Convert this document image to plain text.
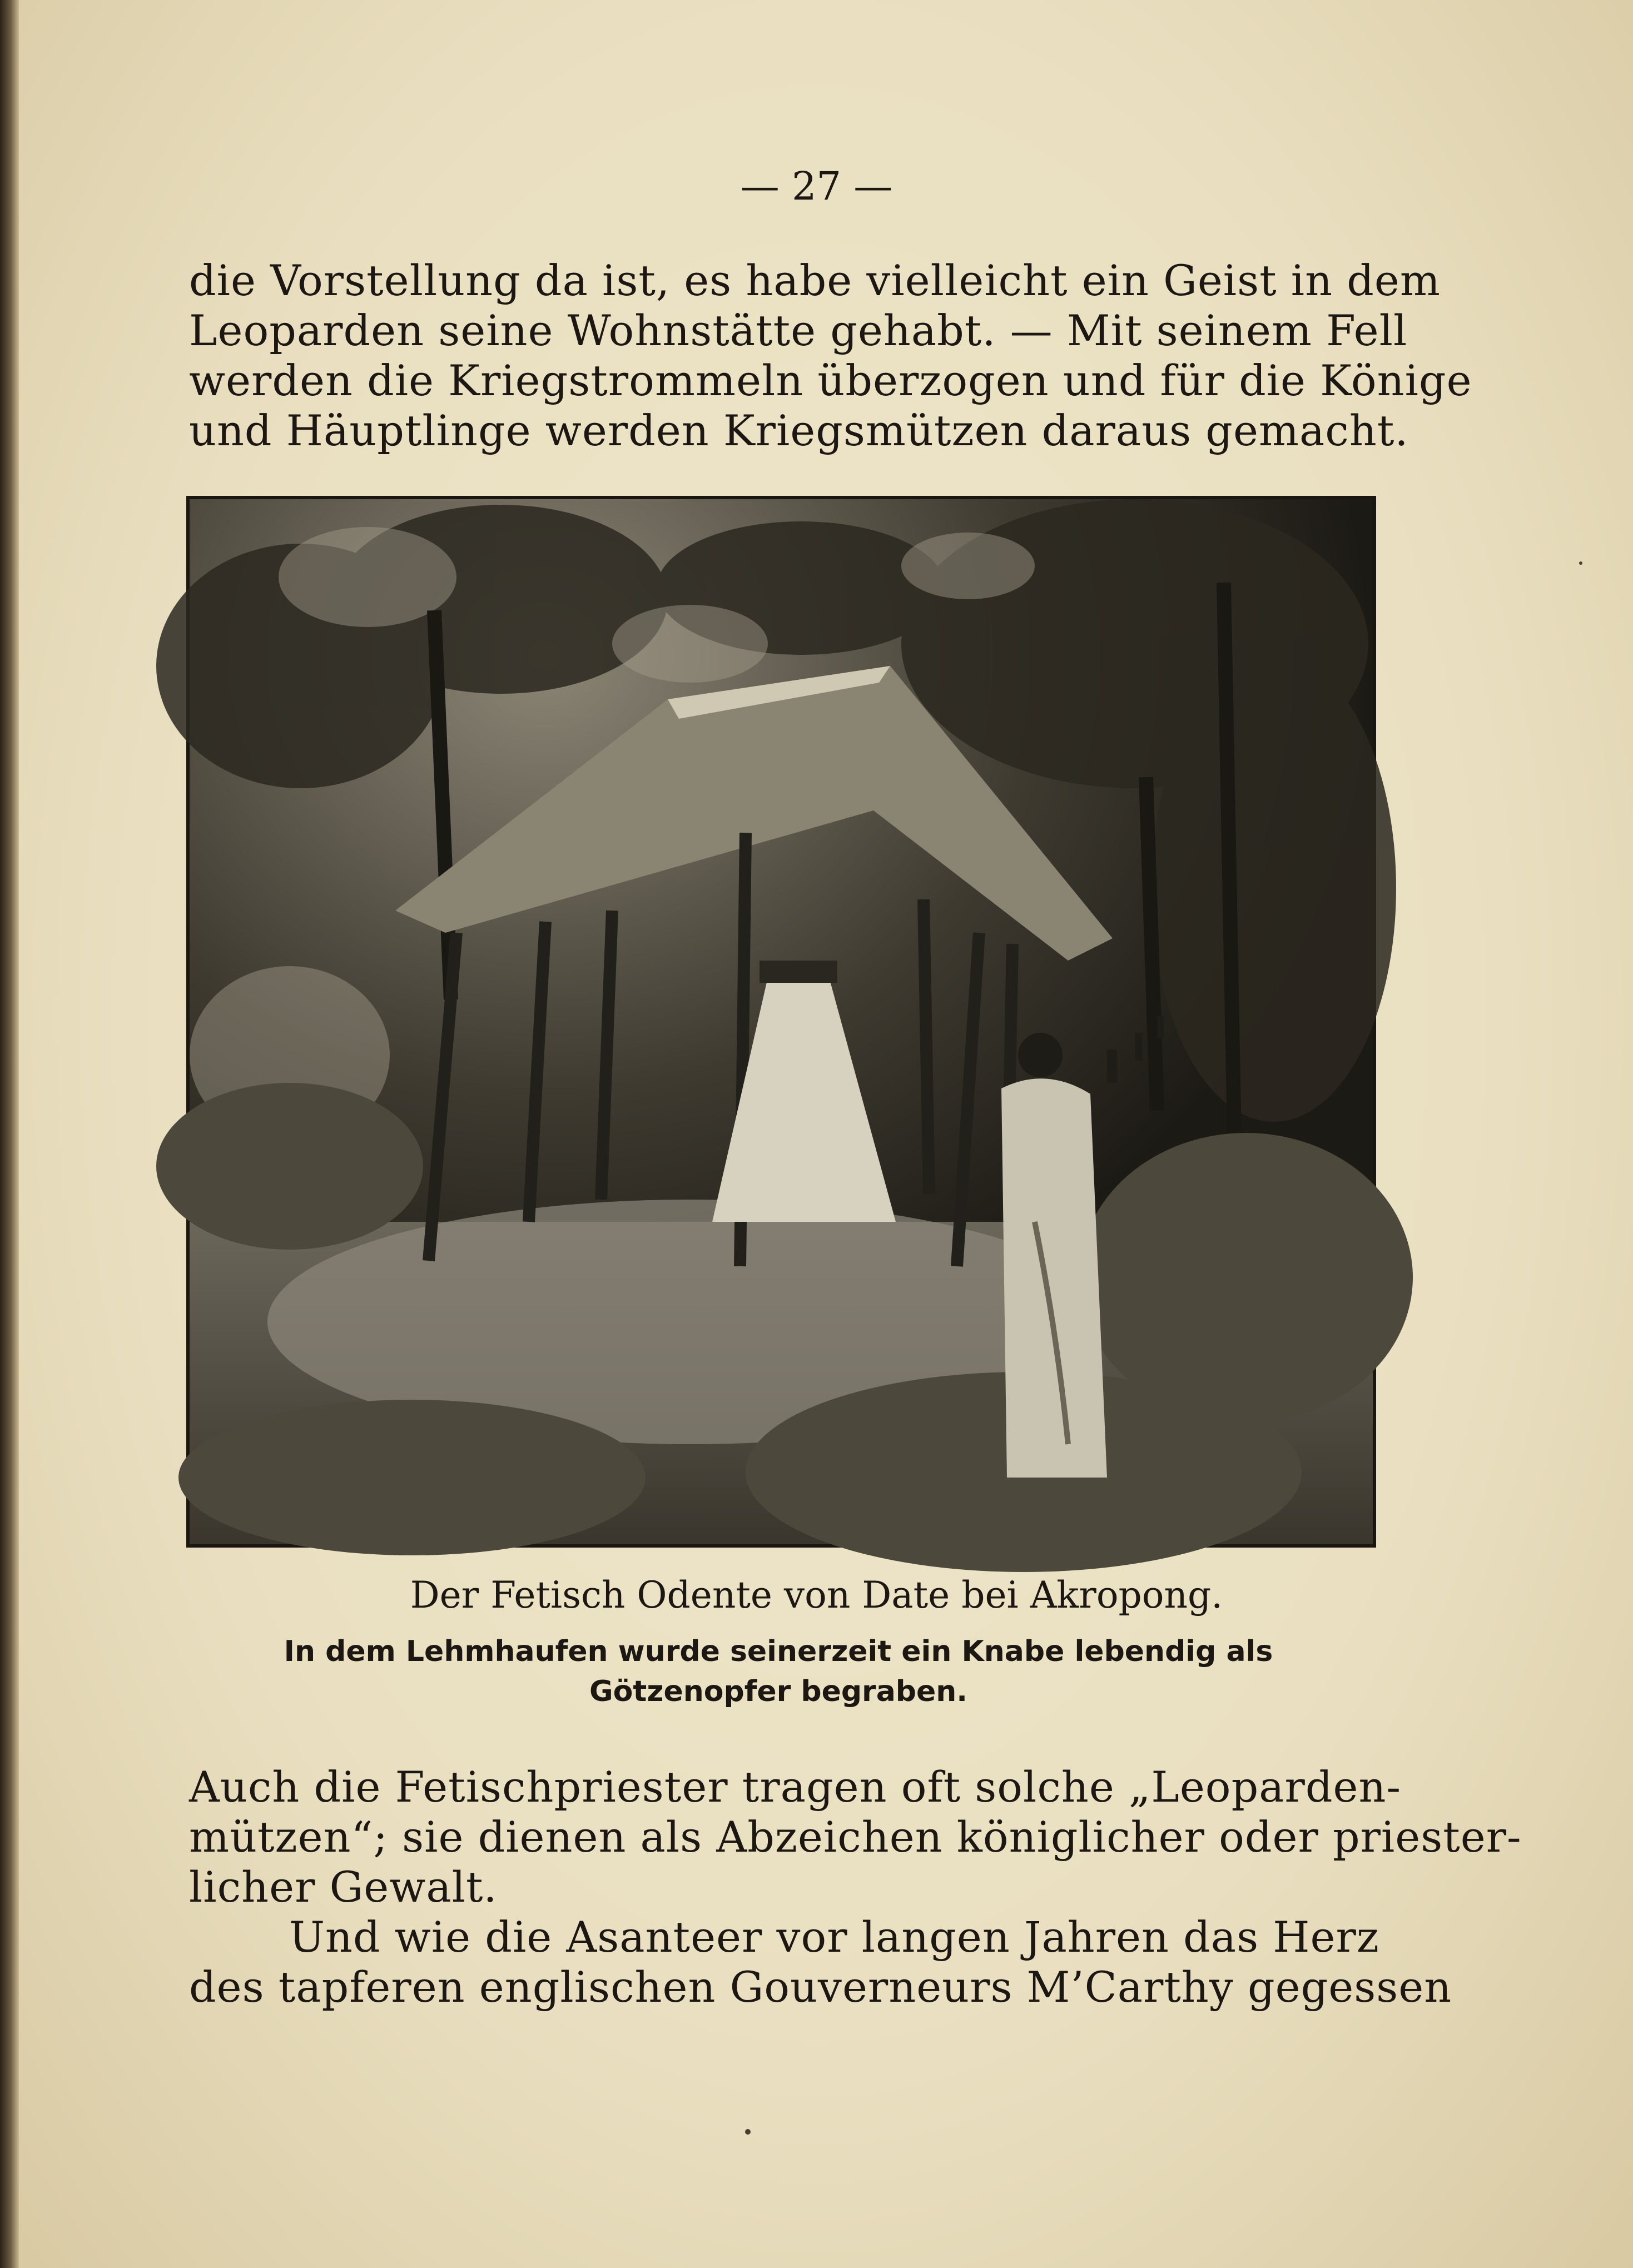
— 27 —
die Vorstellung da ist, es habe vielleicht ein Geist in dem
Leoparden seine Wohnstätte gehabt. — Mit seinem Fell
werden die Kriegstrommeln überzogen und für die Könige
und Häuptlinge werden Kriegsmützen daraus gemacht.
Der Fetisch Odente von Date bei Akropong.
In dem Lehmhaufen wurde seinerzeit ein Knabe lebendig als Götzenopfer begraben.
Auch die Fetischpriester tragen oft solche „Leoparden-
mützen“; sie dienen als Abzeichen königlicher oder priester-
licher Gewalt.
Und wie die Asanteer vor langen Jahren das Herz
des tapferen englischen Gouverneurs M’Carthy gegessen
